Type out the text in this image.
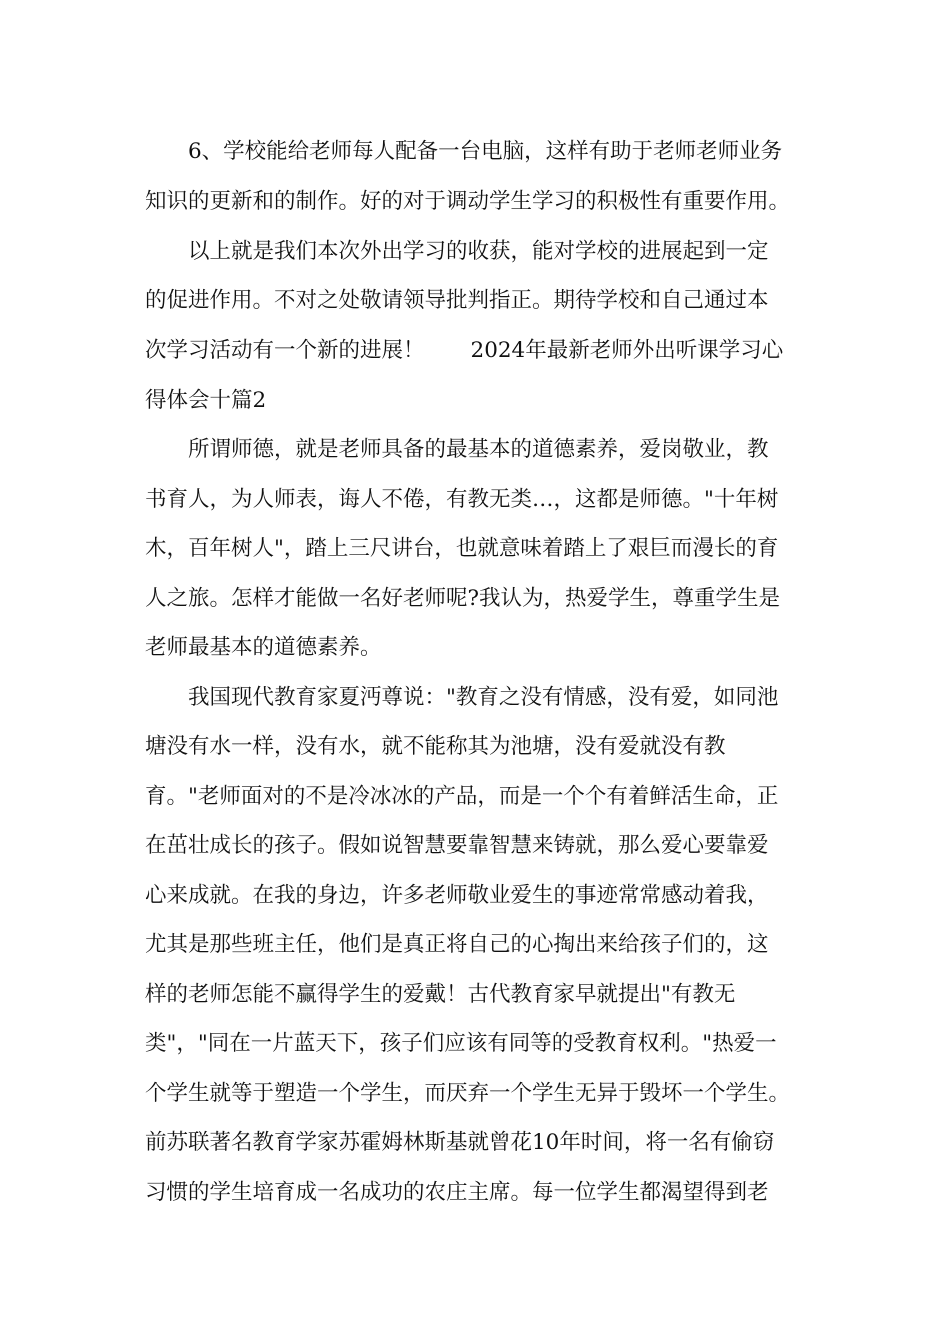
6、学校能给老师每人配备一台电脑，这样有助于老师老师业务
知识的更新和的制作。好的对于调动学生学习的积极性有重要作用。
以上就是我们本次外出学习的收获，能对学校的进展起到一定
的促进作用。不对之处敬请领导批判指正。期待学校和自己通过本
次学习活动有一个新的进展！ 2024年最新老师外出听课学习心
得体会十篇2
所谓师德，就是老师具备的最基本的道德素养，爱岗敬业，教
书育人，为人师表，诲人不倦，有教无类…，这都是师德。"十年树
木，百年树人"，踏上三尺讲台，也就意味着踏上了艰巨而漫长的育
人之旅。怎样才能做一名好老师呢?我认为，热爱学生，尊重学生是
老师最基本的道德素养。
我国现代教育家夏沔尊说："教育之没有情感，没有爱，如同池
塘没有水一样，没有水，就不能称其为池塘，没有爱就没有教
育。"老师面对的不是冷冰冰的产品，而是一个个有着鲜活生命，正
在茁壮成长的孩子。假如说智慧要靠智慧来铸就，那么爱心要靠爱
心来成就。在我的身边，许多老师敬业爱生的事迹常常感动着我，
尤其是那些班主任，他们是真正将自己的心掏出来给孩子们的，这
样的老师怎能不赢得学生的爱戴！古代教育家早就提出"有教无
类"，"同在一片蓝天下，孩子们应该有同等的受教育权利。"热爱一
个学生就等于塑造一个学生，而厌弃一个学生无异于毁坏一个学生。
前苏联著名教育学家苏霍姆林斯基就曾花10年时间，将一名有偷窃
习惯的学生培育成一名成功的农庄主席。每一位学生都渴望得到老
